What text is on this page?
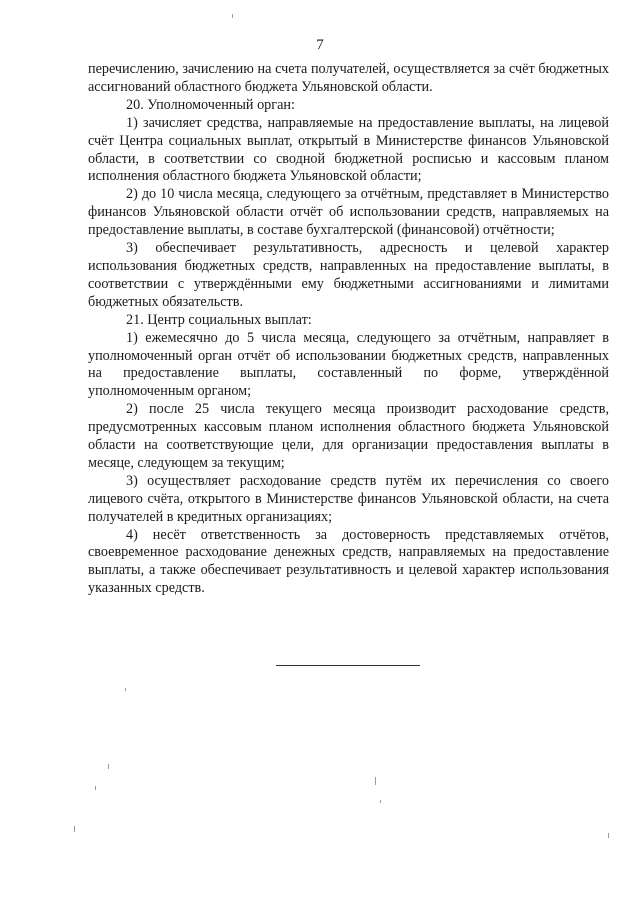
7

перечислению, зачислению на счета получателей, осуществляется за счёт бюджетных ассигнований областного бюджета Ульяновской области.

20. Уполномоченный орган:

1) зачисляет средства, направляемые на предоставление выплаты, на лицевой счёт Центра социальных выплат, открытый в Министерстве финансов Ульяновской области, в соответствии со сводной бюджетной росписью и кассовым планом исполнения областного бюджета Ульяновской области;

2) до 10 числа месяца, следующего за отчётным, представляет в Министерство финансов Ульяновской области отчёт об использовании средств, направляемых на предоставление выплаты, в составе бухгалтерской (финансовой) отчётности;

3) обеспечивает результативность, адресность и целевой характер использования бюджетных средств, направленных на предоставление выплаты, в соответствии с утверждёнными ему бюджетными ассигнованиями и лимитами бюджетных обязательств.

21. Центр социальных выплат:

1) ежемесячно до 5 числа месяца, следующего за отчётным, направляет в уполномоченный орган отчёт об использовании бюджетных средств, направленных на предоставление выплаты, составленный по форме, утверждённой уполномоченным органом;

2) после 25 числа текущего месяца производит расходование средств, предусмотренных кассовым планом исполнения областного бюджета Ульяновской области на соответствующие цели, для организации предоставления выплаты в месяце, следующем за текущим;

3) осуществляет расходование средств путём их перечисления со своего лицевого счёта, открытого в Министерстве финансов Ульяновской области, на счета получателей в кредитных организациях;

4) несёт ответственность за достоверность представляемых отчётов, своевременное расходование денежных средств, направляемых на предоставление выплаты, а также обеспечивает результативность и целевой характер использования указанных средств.
